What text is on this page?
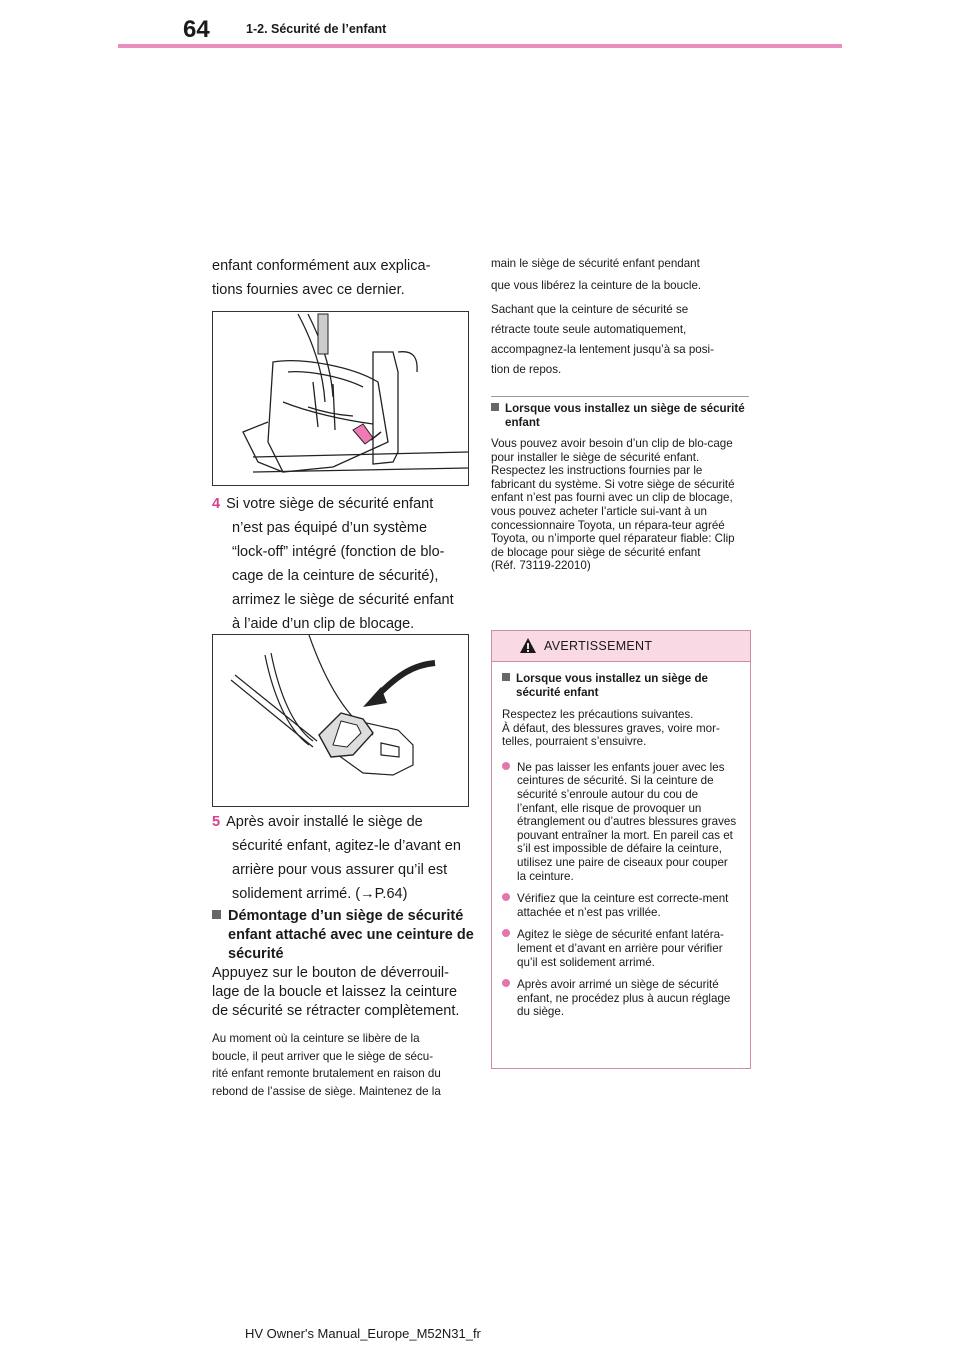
64	1-2. Sécurité de l’enfant
enfant conformément aux explica-
tions fournies avec ce dernier.
4 Si votre siège de sécurité enfant
n’est pas équipé d’un système
“lock-off” intégré (fonction de blo-
cage de la ceinture de sécurité),
arrimez le siège de sécurité enfant
à l’aide d’un clip de blocage.
5 Après avoir installé le siège de
sécurité enfant, agitez-le d’avant en
arrière pour vous assurer qu’il est
solidement arrimé. (→P.64)
Démontage d’un siège de sécurité enfant attaché avec une ceinture de sécurité
Appuyez sur le bouton de déverrouil-lage de la boucle et laissez la ceinture de sécurité se rétracter complètement.
Au moment où la ceinture se libère de la
boucle, il peut arriver que le siège de sécu-
rité enfant remonte brutalement en raison du
rebond de l’assise de siège. Maintenez de la
main le siège de sécurité enfant pendant
que vous libérez la ceinture de la boucle.
Sachant que la ceinture de sécurité se
rétracte toute seule automatiquement,
accompagnez-la lentement jusqu’à sa posi-
tion de repos.
Lorsque vous installez un siège de sécurité enfant
Vous pouvez avoir besoin d’un clip de blo-cage pour installer le siège de sécurité enfant. Respectez les instructions fournies par le fabricant du système. Si votre siège de sécurité enfant n’est pas fourni avec un clip de blocage, vous pouvez acheter l’article sui-vant à un concessionnaire Toyota, un répara-teur agréé Toyota, ou n’importe quel réparateur fiable: Clip de blocage pour siège de sécurité enfant
(Réf. 73119-22010)
AVERTISSEMENT
Lorsque vous installez un siège de sécurité enfant
Respectez les précautions suivantes.
À défaut, des blessures graves, voire mor-telles, pourraient s’ensuivre.
Ne pas laisser les enfants jouer avec les ceintures de sécurité. Si la ceinture de sécurité s’enroule autour du cou de l’enfant, elle risque de provoquer un étranglement ou d’autres blessures graves pouvant entraîner la mort. En pareil cas et s’il est impossible de défaire la ceinture, utilisez une paire de ciseaux pour couper la ceinture.
Vérifiez que la ceinture est correcte-ment attachée et n’est pas vrillée.
Agitez le siège de sécurité enfant latéra-lement et d’avant en arrière pour vérifier qu’il est solidement arrimé.
Après avoir arrimé un siège de sécurité enfant, ne procédez plus à aucun réglage du siège.
HV Owner's Manual_Europe_M52N31_fr
